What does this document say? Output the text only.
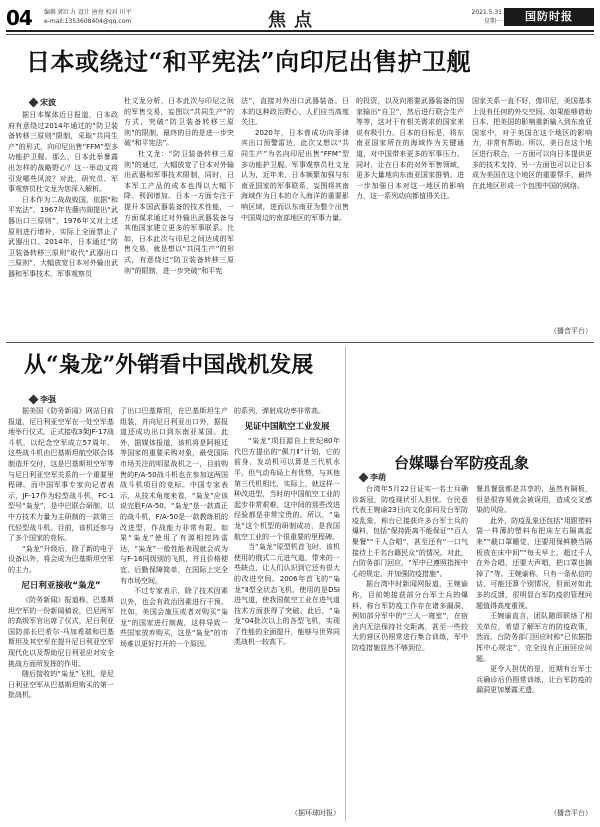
04 编辑 郭红力 设计 唐亮 校对 川平
e-mail:1353608404@qq.com	焦点	2021.5.31
星期一	国防时报
日本或绕过“和平宪法”向印尼出售护卫舰
宋波

据日本媒体近日报道，日本政府有意绕过2014年通过的“防卫装备转移三原则”限制，采取“共同生产”的形式，向印尼出售“FFM”型多功能护卫舰。那么，日本此举暴露出怎样的战略野心？这一举动又将引发哪些风波？对此，研究员、军事观察员杜文龙为您深入解析。

日本作为二战战败国，依据“和平宪法”，1967年佐藤内阁提出“武器出口三原则”，1976年又对上述原则进行增补，实际上全面禁止了武器出口。2014年，日本通过“防卫装备转移三原则”取代“武器出口三原则”，大幅放宽日本对外输出武器和军事技术，军事观察员

杜文龙分析，日本此次与印尼之间的军售交易，妄图以“共同生产”的方式，突破“防卫装备转移三原则”的限制，最终的目的是进一步突破“和平宪法”。

杜文龙：“防卫装备转移三原则”的通过，大幅放宽了日本对外输出武器和军事技术限制，同时，日本军工产品的成本也得以大幅下降、利润增加。日本一方面专注于提升本国武器装备的技术性能，一方面谋求通过对外输出武器装备与其他国家建立更多的军事联系。比如，日本此次与印尼之间达成的军售交易，就是想以“共同生产”的形式，有意绕过“防卫装备转移三原则”的限制，进一步突破“和平宪

法”，直接对外出口武器装备。日本的这种政治野心，人们应当高度关注。

2020年，日本曾成功向菲律宾出口预警雷达，此次又想以“共同生产”为名向印尼出售“FFM”型多功能护卫舰。军事观察员杜文龙认为，近年来，日本频繁加强与东南亚国家的军事联系，妄图将其南海域作为日本的介入海洋的重要影响区域，进而以东南亚为整个出售中国周边的南部地区的军事力量。

的投资，以及向需要武器装备的国家输出“自卫”，然后进行联合生产等等，这对于有相关需求的国家来说有吸引力。日本的目标是，将东南亚国家所在的海域作为关键通道，对中国带来更多的军事压力，同时，让在日本的对外军售领域，更多大量地向东南亚国家推销、进一步加强日本对这一地区的影响力，这一系列动向都值得关注。

国家关系一直不好，像印尼，美国基本上没有任何的外交空间。如果能够借助日本，把美国的影响重新输入到东南亚国家中，对于美国在这个地区的影响力，非常有帮助。所以，美日在这个地区进行联合，一方面可以向日本提供更多的技术支持，另一方面也可以让日本成为美国在这个地区的重要帮手，最终在此地区形成一个包围中国的网络。

（播音平台）
从“枭龙”外销看中国战机发展
李强

据美国《防务新闻》网站日前报道，尼日利亚空军在一处空军基地举行仪式，正式接收3架JF-17战斗机，以纪念空军成立57周年。这些战斗机由巴基斯坦航空联合体制造并交付，这是巴基斯坦空军等与尼日利亚空军关系的一个重要里程碑。而中国军事专家向记者表示，JF-17作为轻型战斗机，FC-1型号“枭龙”，是中巴联合研制、以中方技术力量为主研制的一款第三代轻型战斗机。目前，该机还参与了多个国家的竞标。

“枭龙”升级后，除了新的电子设备以外，将会成为巴基斯坦空军的主力。

尼日利亚接收“枭龙”

《防务新闻》报道称，巴基斯坦空军的一份新闻稿说，巴尼两军的高级军官出席了仪式，尼日利亚国防部长巴希尔·马加希瑞和巴基斯坦及其空军在提升尼日利亚空军现代化以及帮助尼日利亚应对安全挑战方面所发挥的作用。

随后接收的“枭龙”飞机，是尼日利亚空军从巴基斯坦购买的第一批战机。

了出口巴基斯坦，在巴基斯坦生产组装，并向尼日利亚出口外，据报道还成功出口到东南亚某国。此外，据媒体报道，该机将是阿根廷等国家的重要采购对象，最受国际市场关注的明星战机之一，目前购售的F/A-50战斗机也在参加这两国战斗机项目的竞标。中国专家表示，从技术角度来看，“枭龙”应该说完胜F/A-50。“枭龙”是一款真正的战斗机，F/A-50是一款教练机的改进型，作战能力非常有限。如果“枭龙”使用了有源相控阵雷达，“枭龙”一般性能表现就会成为与F-16同级别的飞机，并且价格便宜、后勤保障简单，在国际上完全有市场空间。

不过专家表示，除了技术因素以外，也会有政治因素进行干预。比如，美国会施压或者对购买“枭龙”的国家进行制裁，这样导致一些国家放弃购买，这是“枭龙”的市场难以更好打开的一个原因。

的系列，弹射成功率非常高。

见证中国航空工业发展

“枭龙”项目源自上世纪80年代巴方提出的“佩刀Ⅱ”计划，它的前身，发动机可以算是三代机水平，但气动布局上有优势，与其他第三代机相比，实际上，就这样一种改进型，当时的中国航空工业的起步非常艰难，这中间的那些改进经验都是非常宝贵的。所以，“枭龙”这个机型的研制成功，是我国航空工业的一个很重要的里程碑。

当“枭龙”原型机首飞时，该机使用的俄式二元进气道，带来的一些缺点，让人们认识到它还有很大的改进空间。2006年首飞的“枭龙”Ⅱ型全状态飞机，使用的是DSI进气道，使我国航空工业在进气道技术方面获得了突破。此后，“枭龙”04批次以上的各型飞机，实现了性能的全面提升，能够与世界同类战机一较高下。

（据环球时报）
台媒曝台军防疫乱象
李萌

台湾年5月22日证实一名士兵确诊新冠，防疫现状引人担忧。台民意代表王婉谕23日向文化部问及台军防疫乱象，称台已接获许多台军士兵的爆料，包括“保持距离不能保证”“百人聚餐”“千人合唱”，甚至还有“一口气接待上千名台籍民众”的情况。对此，台防务部门回应，“军中已遵照指挥中心的规定，并加强防疫措施”。

据台湾中时新闻网报道，王婉谕称，目前她接获部分台军士兵的爆料，称台军防疫工作存在诸多漏洞，例如部分军中的“三人一寝室”，在宿舍内无法保持社交距离，甚至一些较大的营区仍照常进行集合训练，军中防疫措施显然不够到位。

餐具餐盘都是共享的，虽然有隔板，但是很容易就会被误用，造成交叉感染的风险。

此外，防疫乱象还包括“用跟塑料袋一样薄的塑料布把床左右隔离起来”“截口罩睡觉，还要用保鲜膜当隔板放在床中间”“每天早上，超过千人在外合唱，还要大声唱，把口罩也摘掉了”等。王婉谕称，只有一条私信的话，可能还算个别情况，但面对如此多的反馈，很明显台军防疫的管理问题值得高度重视。

王婉谕直言，团队随即联络了相关单位，希望了解军方的防疫政策，然而，台防务部门回应时称“已依据指挥中心规定”，完全没有正面回应问题。

更令人担忧的是，近期有台军士兵确诊后仍照常训练，让台军防疫的漏洞更加暴露无遗。

（播音平台）
